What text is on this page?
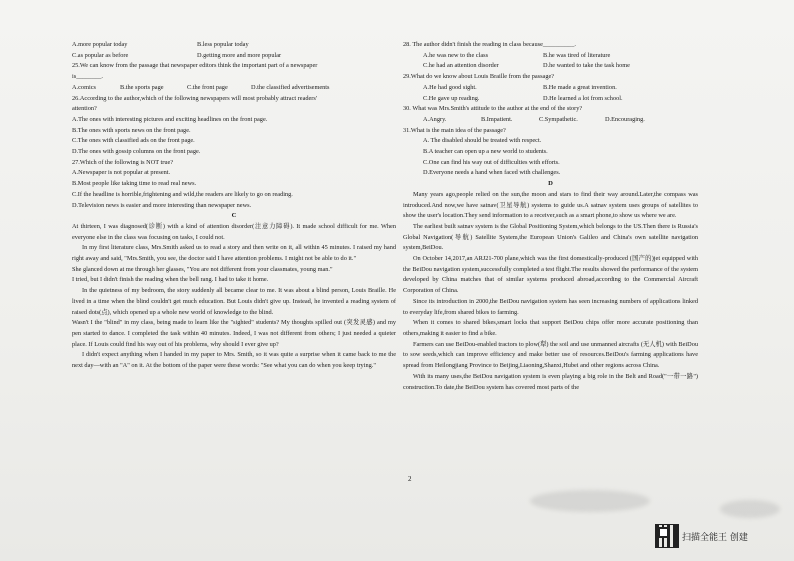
A.more popular today	B.less popular today
C.as popular as before	D.getting more and more popular
25.We can know from the passage that newspaper editors think the important part of a newspaper
is________.
A.comics	B.the sports page	C.the front page	D.the classified advertisements
26.According to the author,which of the following newspapers will most probably attract readers'
attention?
A.The ones with interesting pictures and exciting headlines on the front page.
B.The ones with sports news on the front page.
C.The ones with classified ads on the front page.
D.The ones with gossip columns on the front page.
27.Which of the following is NOT true?
A.Newspaper is not popular at present.
B.Most people like taking time to read real news.
C.If the headline is horrible,frightening and wild,the readers are likely to go on reading.
D.Television news is easier and more interesting than newspaper news.
C
At thirteen, I was diagnosed(诊断) with a kind of attention disorder(注意力障碍). It made school difficult for me. When everyone else in the class was focusing on tasks, I could not.
In my first literature class, Mrs.Smith asked us to read a story and then write on it, all within 45 minutes. I raised my hand right away and said, "Mrs.Smith, you see, the doctor said I have attention problems. I might not be able to do it."
She glanced down at me through her glasses, "You are not different from your classmates, young man."
I tried, but I didn't finish the reading when the bell rang. I had to take it home.
In the quietness of my bedroom, the story suddenly all became clear to me. It was about a blind person, Louis Braille. He lived in a time when the blind couldn't get much education. But Louis didn't give up. Instead, he invented a reading system of raised dots(点), which opened up a whole new world of knowledge to the blind.
Wasn't I the "blind" in my class, being made to learn like the "sighted" students? My thoughts spilled out (突发灵感) and my pen started to dance. I completed the task within 40 minutes. Indeed, I was not different from others; I just needed a quieter place. If Louis could find his way out of his problems, why should I ever give up?
I didn't expect anything when I handed in my paper to Mrs. Smith, so it was quite a surprise when it came back to me the next day—with an "A" on it. At the bottom of the paper were these words: "See what you can do when you keep trying."
28. The author didn't finish the reading in class because__________.
A.he was new to the class	B.he was tired of literature
C.he had an attention disorder	D.he wanted to take the task home
29.What do we know about Louis Braille from the passage?
A.He had good sight.	B.He made a great invention.
C.He gave up reading.	D.He learned a lot from school.
30. What was Mrs.Smith's attitude to the author at the end of the story?
A.Angry.	B.Impatient.	C.Sympathetic.	D.Encouraging.
31.What is the main idea of the passage?
A. The disabled should be treated with respect.
B.A teacher can open up a new world to students.
C.One can find his way out of difficulties with efforts.
D.Everyone needs a hand when faced with challenges.
D
Many years ago,people relied on the sun,the moon and stars to find their way around.Later,the compass was introduced.And now,we have satnav(卫星导航) systems to guide us.A satnav system uses groups of satellites to show the user's location.They send information to a receiver,such as a smart phone,to show us where we are.
The earliest built satnav system is the Global Positioning System,which belongs to the US.Then there is Russia's Global Navigation(导航) Satellite System,the European Union's Galileo and China's own satellite navigation system,BeiDou.
On October 14,2017,an ARJ21-700 plane,which was the first domestically-produced (国产的)jet equipped with the BeiDou navigation system,successfully completed a test flight.The results showed the performance of the system developed by China matches that of similar systems produced abroad,according to the Commercial Aircraft Corporation of China.
Since its introduction in 2000,the BeiDou navigation system has seen increasing numbers of applications linked to everyday life,from shared bikes to farming.
When it comes to shared bikes,smart locks that support BeiDou chips offer more accurate positioning than others,making it easier to find a bike.
Farmers can use BeiDou-enabled tractors to plow(犁) the soil and use unmanned aircrafts (无人机) with BeiDou to sow seeds,which can improve efficiency and make better use of resources.BeiDou's farming applications have spread from Heilongjiang Province to Beijing,Liaoning,Shanxi,Hubei and other regions across China.
With its many uses,the BeiDou navigation system is even playing a big role in the Belt and Road("一带一路") construction.To date,the BeiDou system has covered most parts of the
2
扫描全能王 创建
